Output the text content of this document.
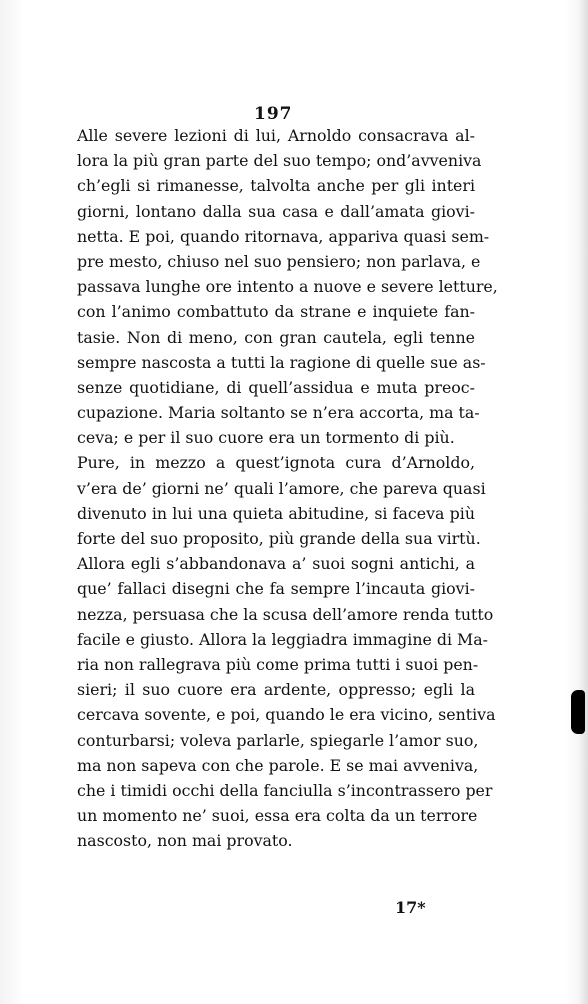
197
Alle severe lezioni di lui, Arnoldo consacrava al-
lora la più gran parte del suo tempo; ond’avveniva
ch’egli si rimanesse, talvolta anche per gli interi
giorni, lontano dalla sua casa e dall’amata giovi-
netta. E poi, quando ritornava, appariva quasi sem-
pre mesto, chiuso nel suo pensiero; non parlava, e
passava lunghe ore intento a nuove e severe letture,
con l’animo combattuto da strane e inquiete fan-
tasie. Non di meno, con gran cautela, egli tenne
sempre nascosta a tutti la ragione di quelle sue as-
senze quotidiane, di quell’assidua e muta preoc-
cupazione. Maria soltanto se n’era accorta, ma ta-
ceva; e per il suo cuore era un tormento di più.
Pure, in mezzo a quest’ignota cura d’Arnoldo,
v’era de’ giorni ne’ quali l’amore, che pareva quasi
divenuto in lui una quieta abitudine, si faceva più
forte del suo proposito, più grande della sua virtù.
Allora egli s’abbandonava a’ suoi sogni antichi, a
que’ fallaci disegni che fa sempre l’incauta giovi-
nezza, persuasa che la scusa dell’amore renda tutto
facile e giusto. Allora la leggiadra immagine di Ma-
ria non rallegrava più come prima tutti i suoi pen-
sieri; il suo cuore era ardente, oppresso; egli la
cercava sovente, e poi, quando le era vicino, sentiva
conturbarsi; voleva parlarle, spiegarle l’amor suo,
ma non sapeva con che parole. E se mai avveniva,
che i timidi occhi della fanciulla s’incontrassero per
un momento ne’ suoi, essa era colta da un terrore
nascosto, non mai provato.
17*
